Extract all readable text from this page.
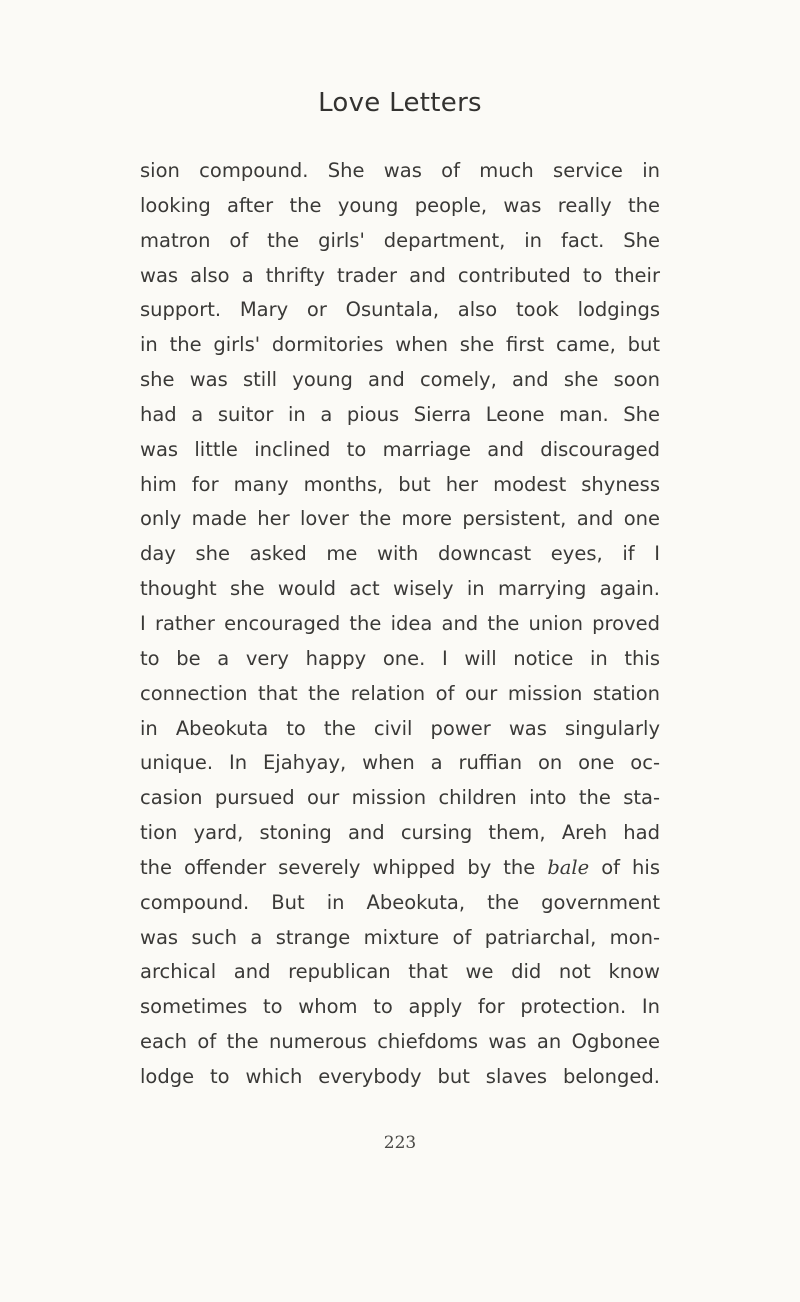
Love Letters
sion compound. She was of much service in
looking after the young people, was really the
matron of the girls' department, in fact. She
was also a thrifty trader and contributed to their
support. Mary or Osuntala, also took lodgings
in the girls' dormitories when she first came, but
she was still young and comely, and she soon
had a suitor in a pious Sierra Leone man. She
was little inclined to marriage and discouraged
him for many months, but her modest shyness
only made her lover the more persistent, and one
day she asked me with downcast eyes, if I
thought she would act wisely in marrying again.
I rather encouraged the idea and the union proved
to be a very happy one. I will notice in this
connection that the relation of our mission station
in Abeokuta to the civil power was singularly
unique. In Ejahyay, when a ruffian on one oc-
casion pursued our mission children into the sta-
tion yard, stoning and cursing them, Areh had
the offender severely whipped by the bale of his
compound. But in Abeokuta, the government
was such a strange mixture of patriarchal, mon-
archical and republican that we did not know
sometimes to whom to apply for protection. In
each of the numerous chiefdoms was an Ogbonee
lodge to which everybody but slaves belonged.
223
